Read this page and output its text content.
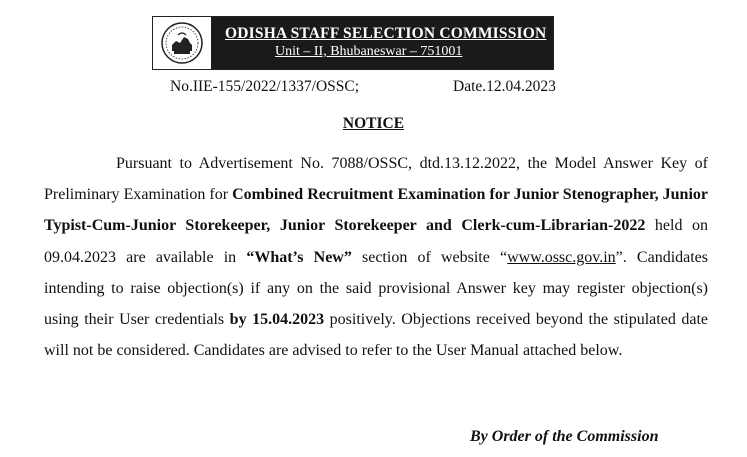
ODISHA STAFF SELECTION COMMISSION
Unit – II, Bhubaneswar – 751001
No.IIE-155/2022/1337/OSSC;	Date.12.04.2023
NOTICE
Pursuant to Advertisement No. 7088/OSSC, dtd.13.12.2022, the Model Answer Key of Preliminary Examination for Combined Recruitment Examination for Junior Stenographer, Junior Typist-Cum-Junior Storekeeper, Junior Storekeeper and Clerk-cum-Librarian-2022 held on 09.04.2023 are available in “What’s New” section of website “www.ossc.gov.in”. Candidates intending to raise objection(s) if any on the said provisional Answer key may register objection(s) using their User credentials by 15.04.2023 positively. Objections received beyond the stipulated date will not be considered. Candidates are advised to refer to the User Manual attached below.
By Order of the Commission
